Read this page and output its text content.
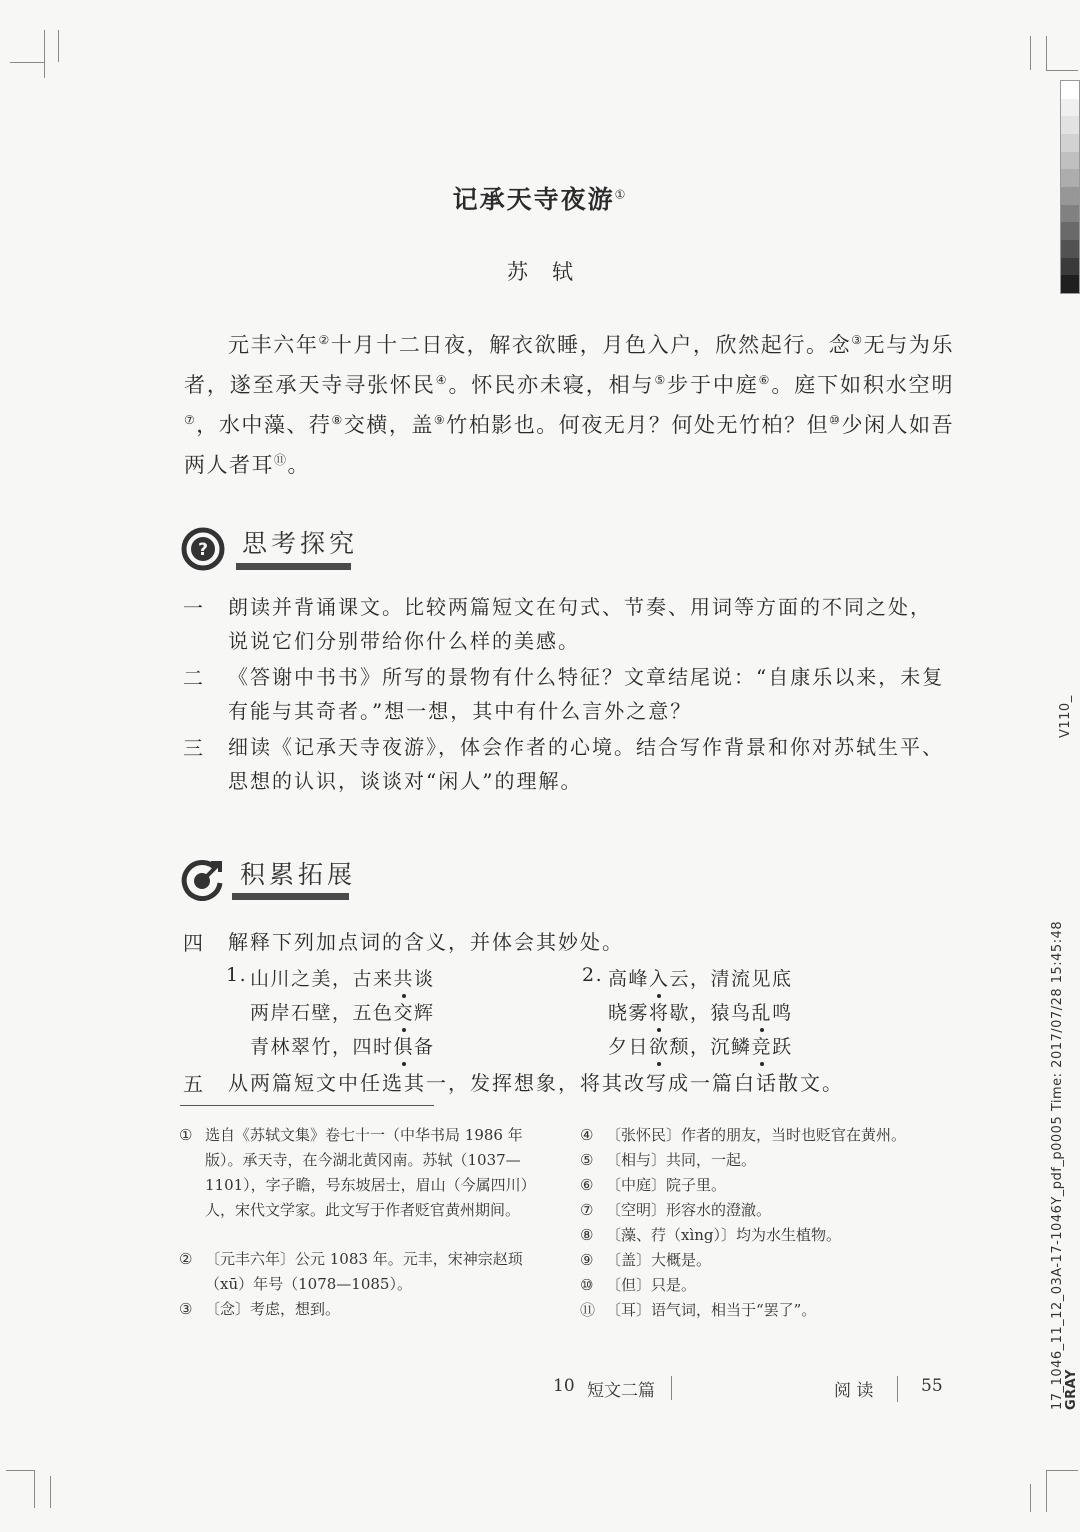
V110_
17_1046_11_12_03A-17-1046Y_pdf_p0005 Time: 2017/07/28 15:45:48 GRAY
记承天寺夜游①
苏轼

元丰六年②十月十二日夜，解衣欲睡，月色入户，欣然起行。念③无与为乐者，遂至承天寺寻张怀民④。怀民亦未寝，相与⑤步于中庭⑥。庭下如积水空明⑦，水中藻、荇⑧交横，盖⑨竹柏影也。何夜无月？何处无竹柏？但⑩少闲人如吾两人者耳⑪。

? 思考探究
一 朗读并背诵课文。比较两篇短文在句式、节奏、用词等方面的不同之处，说说它们分别带给你什么样的美感。

二 《答谢中书书》所写的景物有什么特征？文章结尾说：“自康乐以来，未复有能与其奇者。”想一想，其中有什么言外之意？

三 细读《记承天寺夜游》，体会作者的心境。结合写作背景和你对苏轼生平、思想的认识，谈谈对“闲人”的理解。

积累拓展
四 解释下列加点词的含义，并体会其妙处。
1. 山川之美，古来共谈
两岸石壁，五色交辉
青林翠竹，四时俱备
2. 高峰入云，清流见底
晓雾将歇，猿鸟乱鸣
夕日欲颓，沉鳞竞跃
五 从两篇短文中任选其一，发挥想象，将其改写成一篇白话散文。
① 选自《苏轼文集》卷七十一（中华书局 1986 年版）。承天寺，在今湖北黄冈南。苏轼（1037—1101），字子瞻，号东坡居士，眉山（今属四川）人，宋代文学家。此文写于作者贬官黄州期间。

② 〔元丰六年〕公元 1083 年。元丰，宋神宗赵顼（xū）年号（1078—1085）。

③ 〔念〕考虑，想到。

④ 〔张怀民〕作者的朋友，当时也贬官在黄州。

⑤ 〔相与〕共同，一起。

⑥ 〔中庭〕院子里。

⑦ 〔空明〕形容水的澄澈。

⑧ 〔藻、荇（xìng）〕均为水生植物。

⑨ 〔盖〕大概是。

⑩ 〔但〕只是。

⑪ 〔耳〕语气词，相当于“罢了”。

10 短文二篇	阅 读	55
